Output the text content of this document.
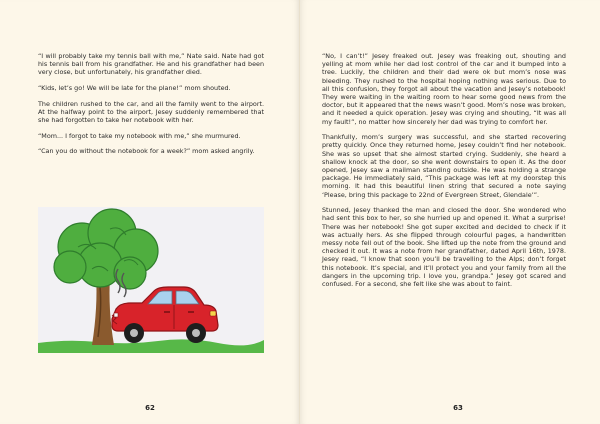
“I will probably take my tennis ball with me,” Nate said. Nate had got his tennis ball from his grandfather. He and his grandfather had been very close, but unfortunately, his grandfather died.

“Kids, let’s go! We will be late for the plane!” mom shouted.

The children rushed to the car, and all the family went to the airport. At the halfway point to the airport, Jesey suddenly remembered that she had forgotten to take her notebook with her.

“Mom... I forgot to take my notebook with me,” she murmured.

“Can you do without the notebook for a week?” mom asked angrily.

62

“No, I can’t!” Jesey freaked out. Jesey was freaking out, shouting and yelling at mom while her dad lost control of the car and it bumped into a tree. Luckily, the children and their dad were ok but mom’s nose was bleeding. They rushed to the hospital hoping nothing was serious. Due to all this confusion, they forgot all about the vacation and Jesey’s notebook! They were waiting in the waiting room to hear some good news from the doctor, but it appeared that the news wasn’t good. Mom’s nose was broken, and it needed a quick operation. Jesey was crying and shouting, “It was all my fault!”, no matter how sincerely her dad was trying to comfort her.

Thankfully, mom’s surgery was successful, and she started recovering pretty quickly. Once they returned home, Jesey couldn’t find her notebook. She was so upset that she almost started crying. Suddenly, she heard a shallow knock at the door, so she went downstairs to open it. As the door opened, Jesey saw a mailman standing outside. He was holding a strange package. He immediately said, “This package was left at my doorstep this morning. It had this beautiful linen string that secured a note saying ‘Please, bring this package to 22nd of Evergreen Street, Glendale’”.

Stunned, Jesey thanked the man and closed the door. She wondered who had sent this box to her, so she hurried up and opened it. What a surprise! There was her notebook! She got super excited and decided to check if it was actually hers. As she flipped through colourful pages, a handwritten messy note fell out of the book. She lifted up the note from the ground and checked it out. It was a note from her grandfather, dated April 16th, 1978. Jesey read, “I know that soon you’ll be travelling to the Alps; don’t forget this notebook. It’s special, and it’ll protect you and your family from all the dangers in the upcoming trip. I love you, grandpa.” Jesey got scared and confused. For a second, she felt like she was about to faint.

63
